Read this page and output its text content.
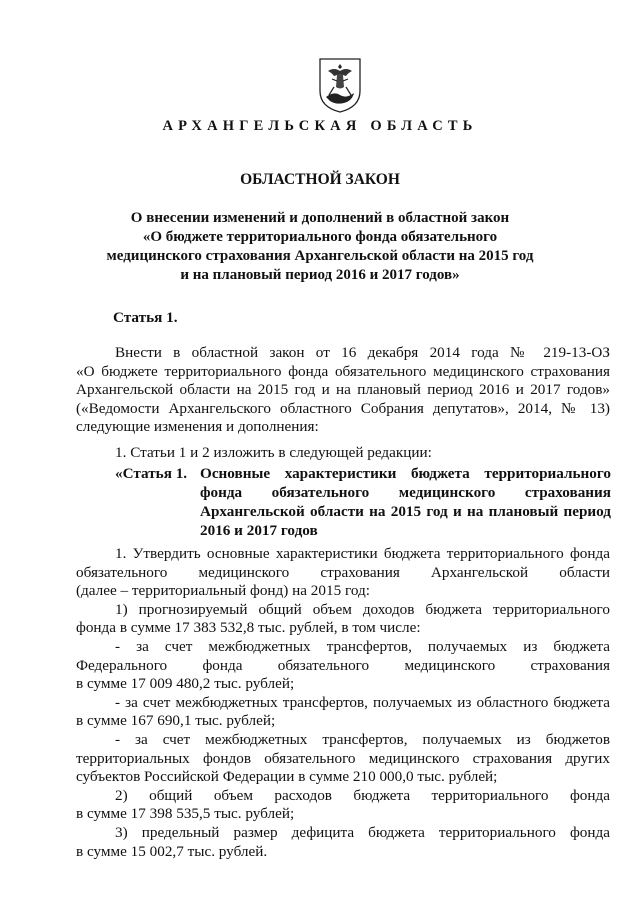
АРХАНГЕЛЬСКАЯ ОБЛАСТЬ
ОБЛАСТНОЙ ЗАКОН
О внесении изменений и дополнений в областной закон
«О бюджете территориального фонда обязательного
медицинского страхования Архангельской области на 2015 год
и на плановый период 2016 и 2017 годов»
Статья 1.
Внести в областной закон от 16 декабря 2014 года № 219-13-ОЗ
«О бюджете территориального фонда обязательного медицинского страхования
Архангельской области на 2015 год и на плановый период 2016 и 2017 годов»
(«Ведомости Архангельского областного Собрания депутатов», 2014, № 13)
следующие изменения и дополнения:
1. Статьи 1 и 2 изложить в следующей редакции:
«Статья 1. Основные характеристики бюджета территориального
фонда обязательного медицинского страхования
Архангельской области на 2015 год и на плановый период
2016 и 2017 годов
1. Утвердить основные характеристики бюджета территориального фонда
обязательного медицинского страхования Архангельской области
(далее – территориальный фонд) на 2015 год:
1) прогнозируемый общий объем доходов бюджета территориального
фонда в сумме 17 383 532,8 тыс. рублей, в том числе:
- за счет межбюджетных трансфертов, получаемых из бюджета
Федерального фонда обязательного медицинского страхования
в сумме 17 009 480,2 тыс. рублей;
- за счет межбюджетных трансфертов, получаемых из областного бюджета
в сумме 167 690,1 тыс. рублей;
- за счет межбюджетных трансфертов, получаемых из бюджетов
территориальных фондов обязательного медицинского страхования других
субъектов Российской Федерации в сумме 210 000,0 тыс. рублей;
2) общий объем расходов бюджета территориального фонда
в сумме 17 398 535,5 тыс. рублей;
3) предельный размер дефицита бюджета территориального фонда
в сумме 15 002,7 тыс. рублей.
